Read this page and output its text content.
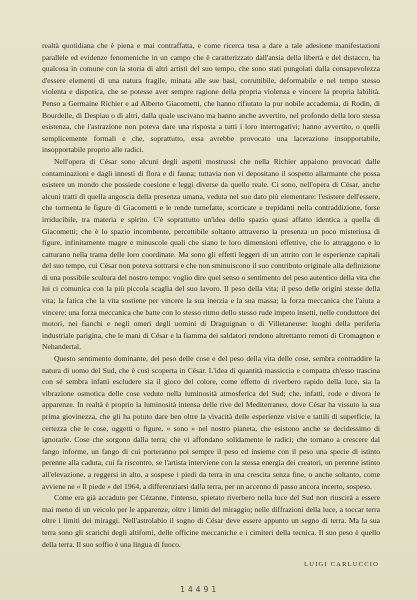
realtà quotidiana che è piena e mai contraffatta, e come ricerca tesa a dare a tale adesione manifestazioni parallele ed evidenze fenomeniche in un campo che è caratterizzato dall'ansia della libertà e del distacco, ha qualcosa in comune con la storia di altri artisti del suo tempo, che sono stati pungolati dalla consapevolezza d'essere elementi di una natura fragile, minata alle sue basi, corruttibile, deformabile e nel tempo stesso violenta e dispotica, che se potesse aver sempre ragione della propria violenza e vincere la propria labilità. Penso a Germaine Richier e ad Alberto Giacometti, che hanno rifiutato la pur nobile accademia, di Rodin, di Bourdelle, di Despiau o di altri, dalla quale uscivano ma hanno anche avvertito, nel profondo della loro stessa esistenza, che l'astrazione non poteva dare una risposta a tutti i loro interrogativi; hanno avvertito, o quelli semplicemente formali e che, soprattutto, essa avrebbe provocato una lacerazione insopportabile, insopportabile proprio alle radici.

Nell'opera di César sono alcuni degli aspetti mostruosi che nella Richier appaiono provocati dalle contaminazioni e dagli innesti di flora e di fauna; tuttavia non vi depositano il sospetto allarmante che possa esistere un mondo che possiede coesione e leggi diverse da quello reale. Ci sono, nell'opera di César, anche alcuni tratti di quella angoscia della presenza umana, veduta nel suo dato più elementare: l'esistere dell'essere, che tormenta le figure di Giacometti e le rende tumefatte, scorticate e trepidanti nella contraddizione, forse irriducibile, tra materia e spirito. C'è soprattutto un'idea dello spazio quasi affatto identica a quella di Giacometti; che è lo spazio incombente, percettibile soltanto attraverso la presenza un poco misteriosa di figure, infinitamente magre e minuscole quali che siano le loro dimensioni effettive, che lo attraggono e lo catturano nella trama delle loro coordinate. Ma sono gli effetti leggeri di un attrito con le esperienze capitali del suo tempo, cui César non poteva sottrarsi e che non sminuiscono il suo contributo originale alla definizione di una possibile scultura del nostro tempo: voglio dire quel senso o sentimento del peso autentico della vita che lui ci comunica con la più piccola scaglia del suo lavoro. Il peso della vita; il peso delle origini stesse della vita; la fatica che la vita sostiene per vincere la sua inerzia e la sua massa; la forza meccanica che l'aiuta a vincere: una forza meccanica che batte con lo stesso ritmo dello stesso rude impeto insetti, nelle conduttore dei motori, nei fianchi e negli omeri degli uomini di Draguignan o di Villetaneuse: luoghi della periferia industriale parigina, che le mani di César e la fiamma dei saldatori rendono altrettanto remoti di Cromagnon e Nehandertal.

Questo sentimento dominante, del peso delle cose e del peso della vita delle cose, sembra contraddire la natura di uomo del Sud, che è così scoperta in César. L'idea di quantità massiccia e compatta ch'esso trascina con sé sembra infatti escludere sia il gioco del colore, come effetto di riverbero rapido della luce, sia la vibrazione osmotica delle cose vedute nella luminosità atmosferica del Sud; che, infatti, rode e divora le apparenze. In realtà è proprio la luminosità intensa delle rive del Mediterraneo, dove César ha vissuto la sua prima giovinezza, che gli ha potuto dare ben oltre la vivacità delle esperienze visive e tattili di superficie, la certezza che le cose, oggetti o figure, « sono » nel nostro pianeta, che esistono anche se decidessimo di ignorarle. Cose che sorgono dalla terra; che vi affondano solidamente le radici; che tornano a crescere dal fango informe, un fango di cui porteranno poi sempre il peso ed insieme con il peso una specie di istinto perenne alla caduta, cui fa riscontro, se l'artista interviene con la stessa energia dei creatori, un perenne istinto all'elevazione, a reggersi in alto, a sospese i piedi da terra in una crescita senza fine, o anche soltanto, come avviene ne « Il piede » del 1964, a differenziarsi dalla terra, per un accenno di passo ancora incerto, sospeso.

Come era già accaduto per Cézanne, l'intenso, spietato riverbero nella luce del Sud non riuscirà a essere mai meno di un veicolo per le apparenze, oltre i limiti del miraggio; nelle diffrazioni della luce, a toccar terra oltre i limiti dei miraggi. Nell'astrolabio il sogno di César deve essere appunto un segno di terra. Ma la sua terra sono gli scarichi degli altiforni, delle officine meccaniche e i cimiteri della tecnica. Il suo peso è quello della terra. Il suo soffio è una lingua di fuoco.

LUIGI CARLUCCIO
14491
